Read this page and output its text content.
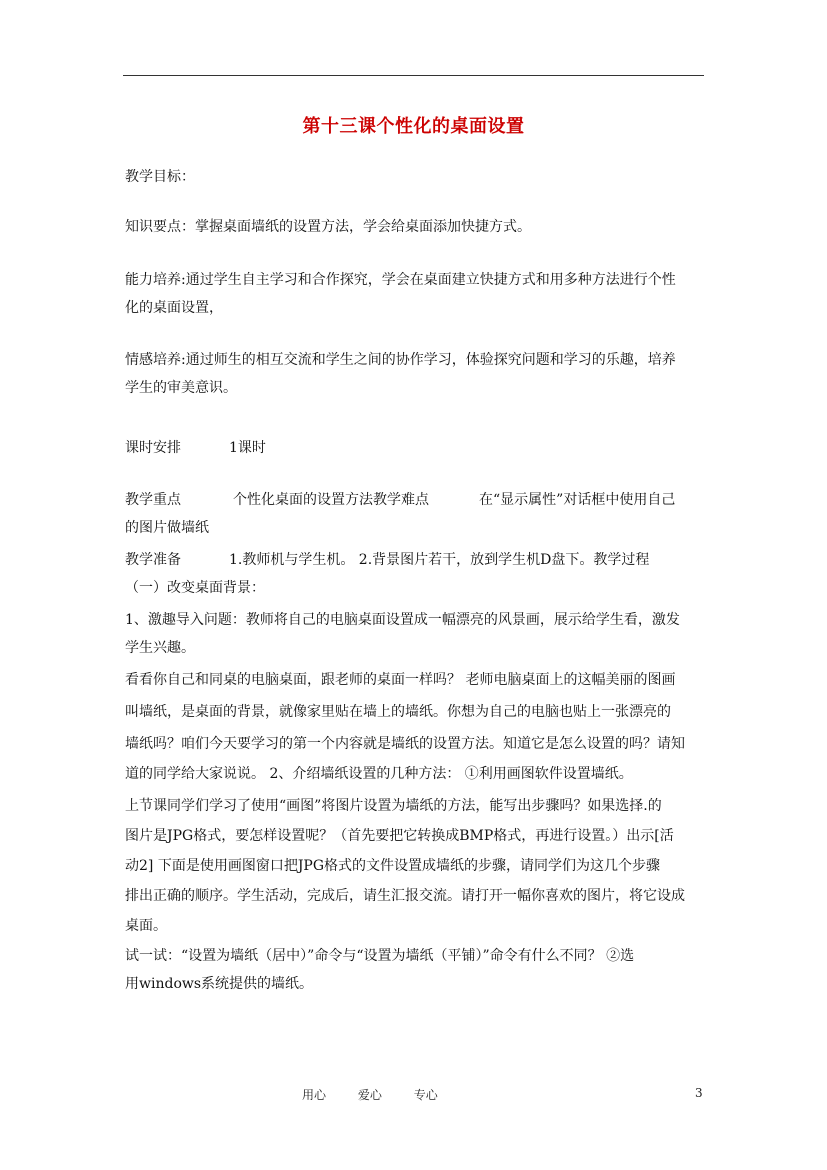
第十三课个性化的桌面设置
教学目标：
知识要点：掌握桌面墙纸的设置方法，学会给桌面添加快捷方式。
能力培养:通过学生自主学习和合作探究，学会在桌面建立快捷方式和用多种方法进行个性
化的桌面设置，
情感培养:通过师生的相互交流和学生之间的协作学习，体验探究问题和学习的乐趣，培养
学生的审美意识。
课时安排	1课时
教学重点	个性化桌面的设置方法教学难点	在“显示属性”对话框中使用自己
的图片做墙纸
教学准备	1.教师机与学生机。 2.背景图片若干，放到学生机D盘下。教学过程
（一）改变桌面背景：
1、激趣导入问题：教师将自己的电脑桌面设置成一幅漂亮的风景画，展示给学生看，激发
学生兴趣。
看看你自己和同桌的电脑桌面，跟老师的桌面一样吗？ 老师电脑桌面上的这幅美丽的图画
叫墙纸，是桌面的背景，就像家里贴在墙上的墙纸。你想为自己的电脑也贴上一张漂亮的
墙纸吗？咱们今天要学习的第一个内容就是墙纸的设置方法。知道它是怎么设置的吗？请知
道的同学给大家说说。 2、介绍墙纸设置的几种方法： ①利用画图软件设置墙纸。
上节课同学们学习了使用“画图”将图片设置为墙纸的方法，能写出步骤吗？如果选择.的
图片是JPG格式，要怎样设置呢？（首先要把它转换成BMP格式，再进行设置。）出示[活
动2] 下面是使用画图窗口把JPG格式的文件设置成墙纸的步骤，请同学们为这几个步骤
排出正确的顺序。学生活动，完成后，请生汇报交流。请打开一幅你喜欢的图片，将它设成
桌面。
试一试：“设置为墙纸（居中）”命令与“设置为墙纸（平铺）”命令有什么不同？ ②选
用windows系统提供的墙纸。
用心	爱心	专心	3
